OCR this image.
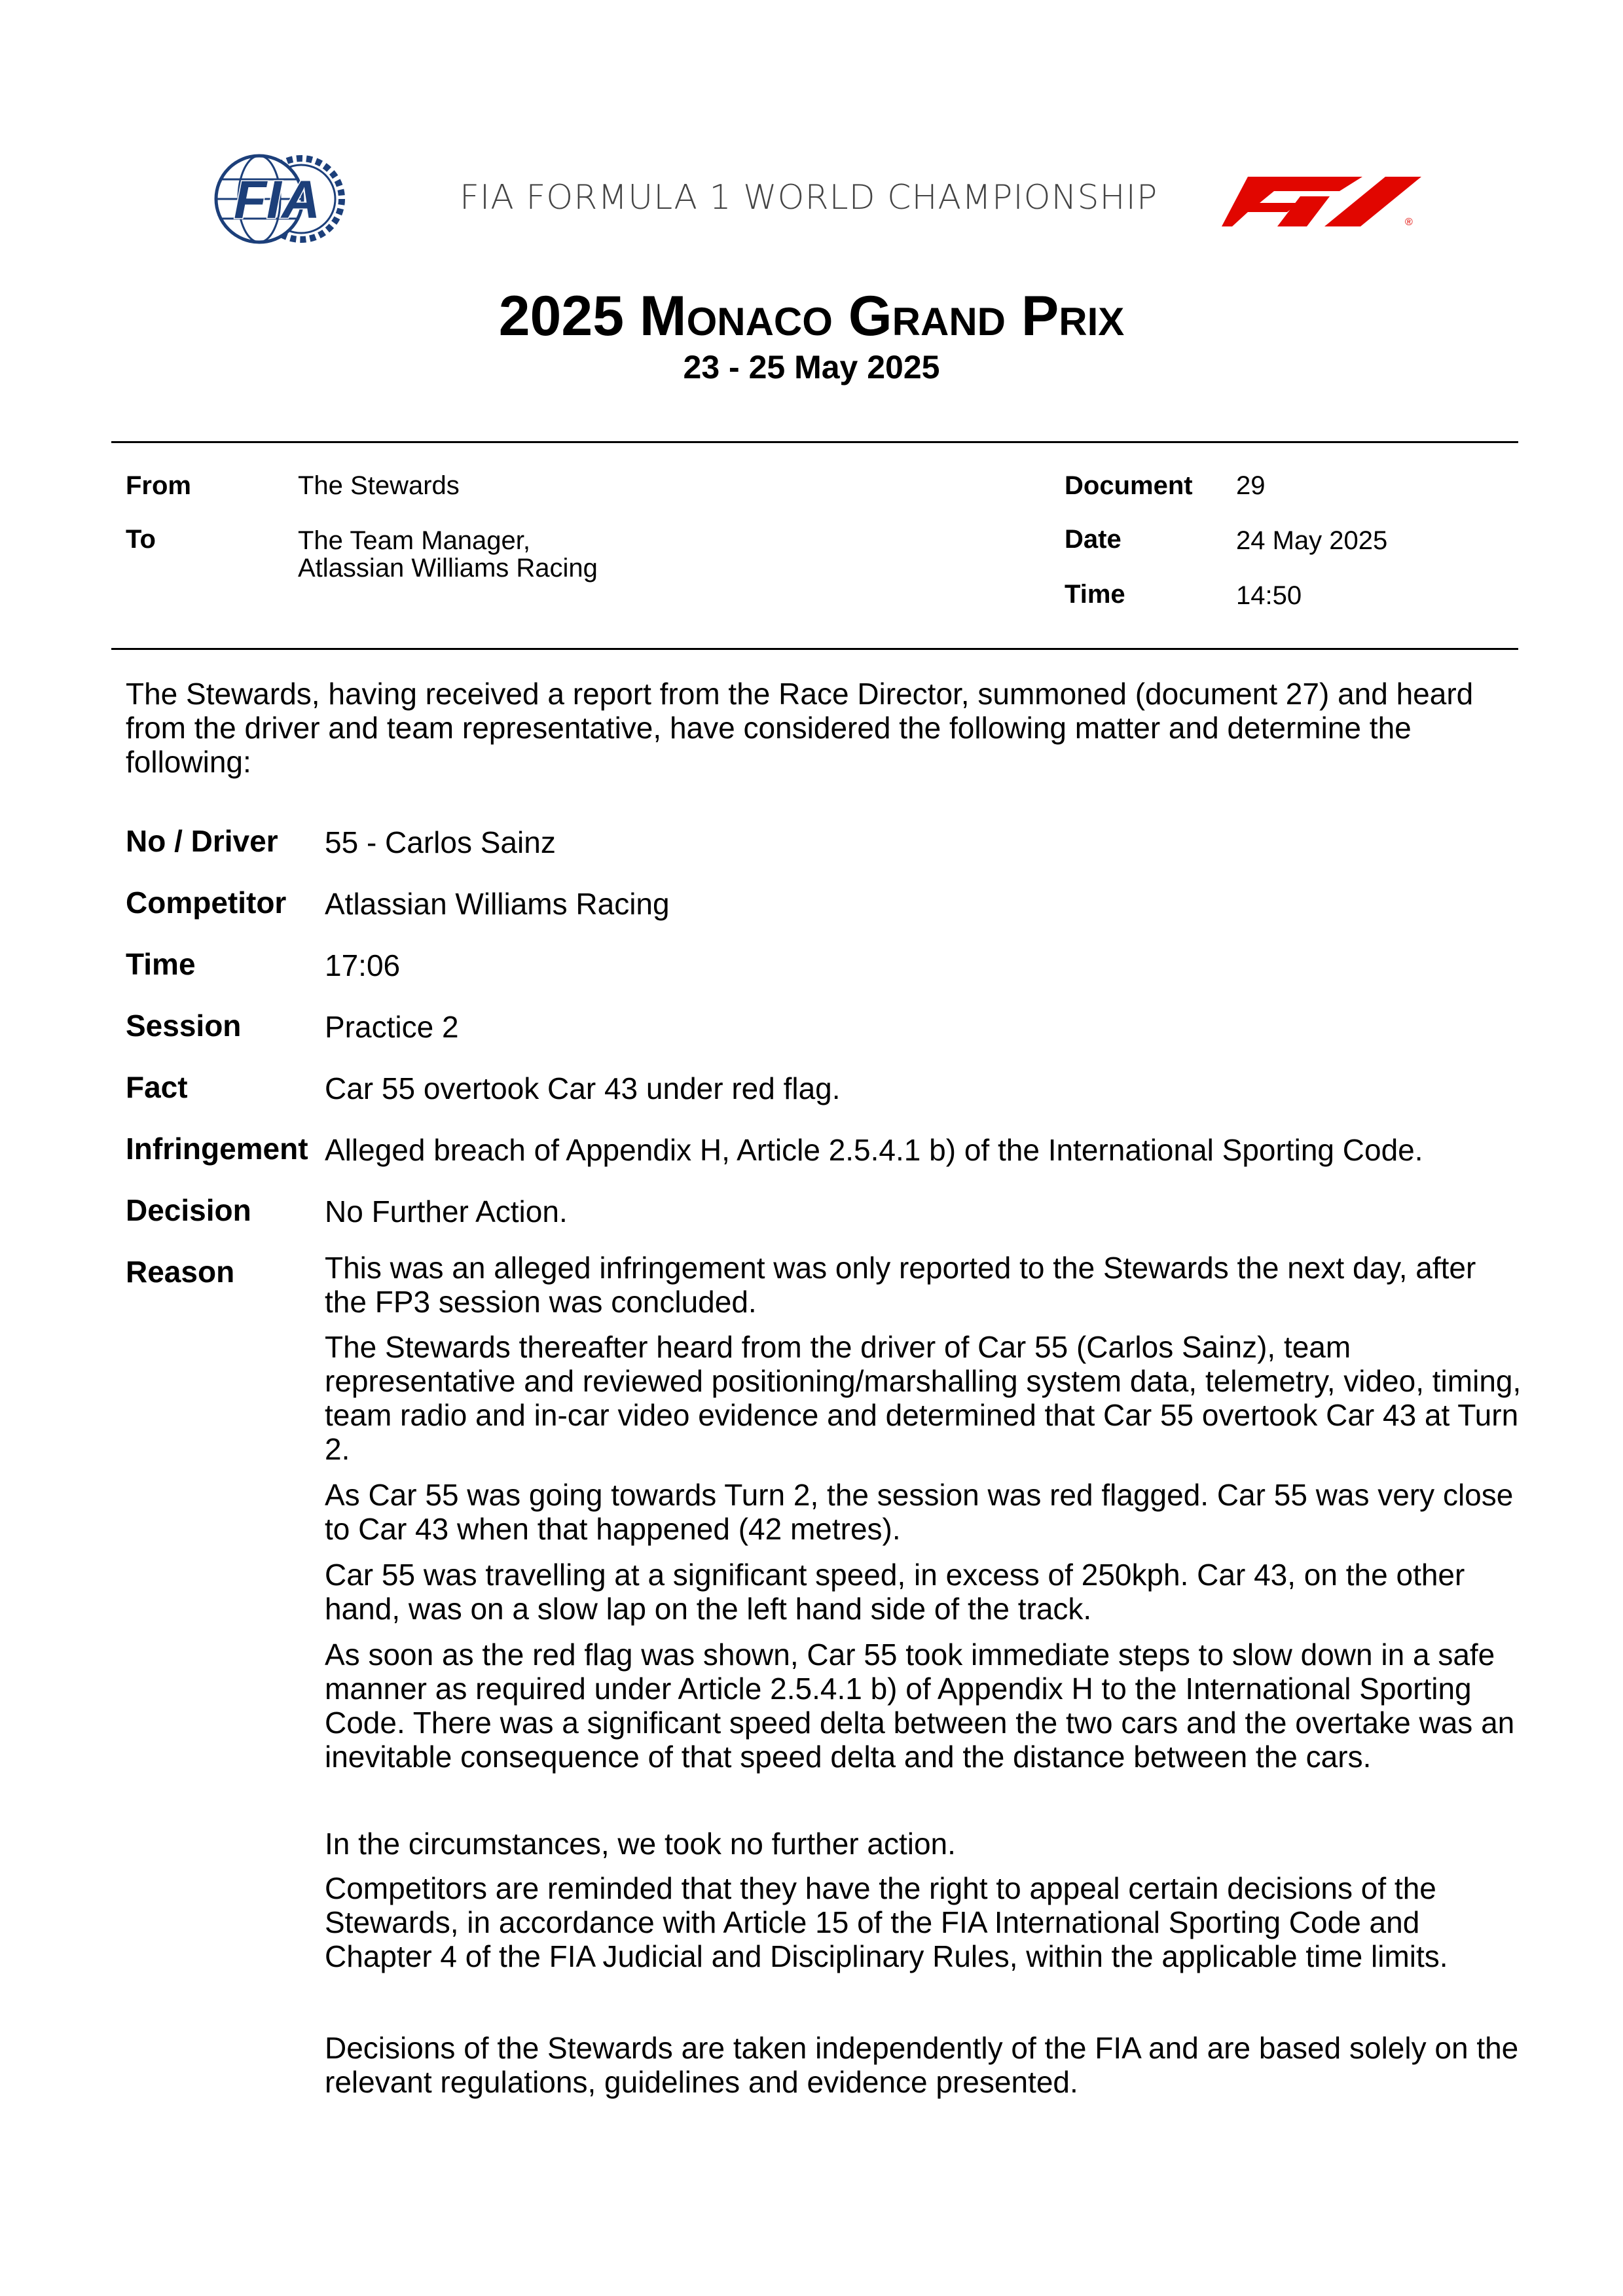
FIA	FIA FORMULA 1 WORLD CHAMPIONSHIP
®
2025 Monaco Grand Prix
23 - 25 May 2025
From	The Stewards
To	The Team Manager,
Atlassian Williams Racing
Document 29
Date	24 May 2025
Time	14:50
The Stewards, having received a report from the Race Director, summoned (document 27) and heard from the driver and team representative, have considered the following matter and determine the following:
No / Driver 55 - Carlos Sainz
Competitor Atlassian Williams Racing
Time	17:06
Session	Practice 2
Fact	Car 55 overtook Car 43 under red flag.
Infringement Alleged breach of Appendix H, Article 2.5.4.1 b) of the International Sporting Code.
Decision No Further Action.
Reason	This was an alleged infringement was only reported to the Stewards the next day, after the FP3 session was concluded.

The Stewards thereafter heard from the driver of Car 55 (Carlos Sainz), team representative and reviewed positioning/marshalling system data, telemetry, video, timing, team radio and in-car video evidence and determined that Car 55 overtook Car 43 at Turn 2.

As Car 55 was going towards Turn 2, the session was red flagged. Car 55 was very close to Car 43 when that happened (42 metres).

Car 55 was travelling at a significant speed, in excess of 250kph. Car 43, on the other hand, was on a slow lap on the left hand side of the track.

As soon as the red flag was shown, Car 55 took immediate steps to slow down in a safe manner as required under Article 2.5.4.1 b) of Appendix H to the International Sporting Code. There was a significant speed delta between the two cars and the overtake was an inevitable consequence of that speed delta and the distance between the cars.

In the circumstances, we took no further action.

Competitors are reminded that they have the right to appeal certain decisions of the Stewards, in accordance with Article 15 of the FIA International Sporting Code and Chapter 4 of the FIA Judicial and Disciplinary Rules, within the applicable time limits.

Decisions of the Stewards are taken independently of the FIA and are based solely on the relevant regulations, guidelines and evidence presented.
